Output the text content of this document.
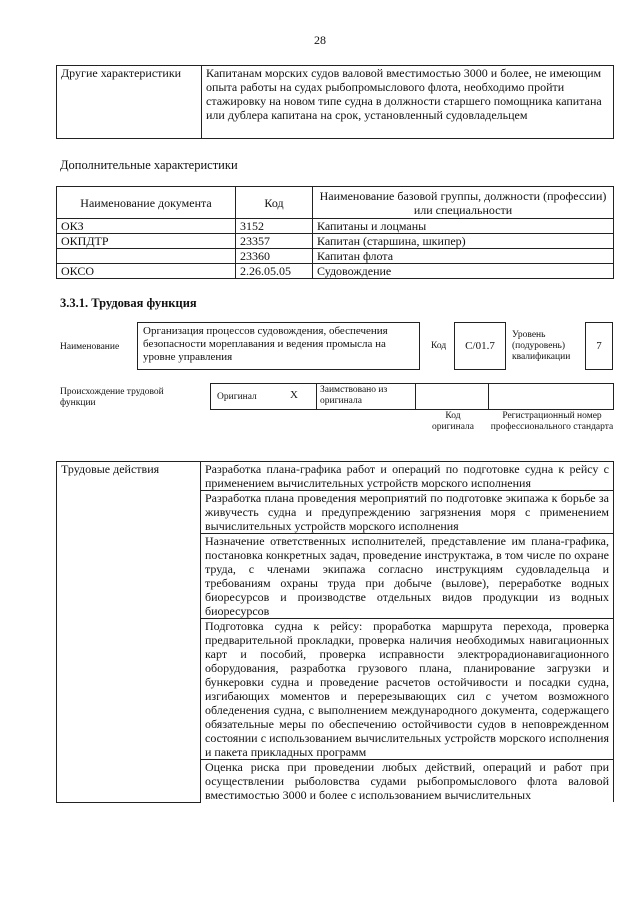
28
Другие характеристики	Капитанам морских судов валовой вместимостью 3000 и более, не имеющим опыта работы на судах рыбопромыслового флота, необходимо пройти стажировку на новом типе судна в должности старшего помощника капитана или дублера капитана на срок, установленный судовладельцем
Дополнительные характеристики
Наименование документа	Код	Наименование базовой группы, должности (профессии) или специальности
ОКЗ	3152	Капитаны и лоцманы
ОКПДТР	23357	Капитан (старшина, шкипер)
	23360	Капитан флота
ОКСО	2.26.05.05	Судовождение
3.3.1. Трудовая функция
Наименование
Организация процессов судовождения, обеспечения безопасности мореплавания и ведения промысла на уровне управления
Код	C/01.7
Уровень (подуровень) квалификации
7
Происхождение трудовой функции
Оригинал	X Заимствовано из оригинала
Код оригинала
Регистрационный номер профессионального стандарта
Трудовые действия	Разработка плана-графика работ и операций по подготовке судна к рейсу с применением вычислительных устройств морского исполнения
Разработка плана проведения мероприятий по подготовке экипажа к борьбе за живучесть судна и предупреждению загрязнения моря с применением вычислительных устройств морского исполнения
Назначение ответственных исполнителей, представление им плана-графика, постановка конкретных задач, проведение инструктажа, в том числе по охране труда, с членами экипажа согласно инструкциям судовладельца и требованиям охраны труда при добыче (вылове), переработке водных биоресурсов и производстве отдельных видов продукции из водных биоресурсов
Подготовка судна к рейсу: проработка маршрута перехода, проверка предварительной прокладки, проверка наличия необходимых навигационных карт и пособий, проверка исправности электрорадионавигационного оборудования, разработка грузового плана, планирование загрузки и бункеровки судна и проведение расчетов остойчивости и посадки судна, изгибающих моментов и перерезывающих сил с учетом возможного обледенения судна, с выполнением международного документа, содержащего обязательные меры по обеспечению остойчивости судов в неповрежденном состоянии с использованием вычислительных устройств морского исполнения и пакета прикладных программ
Оценка риска при проведении любых действий, операций и работ при осуществлении рыболовства судами рыбопромыслового флота валовой вместимостью 3000 и более с использованием вычислительных
